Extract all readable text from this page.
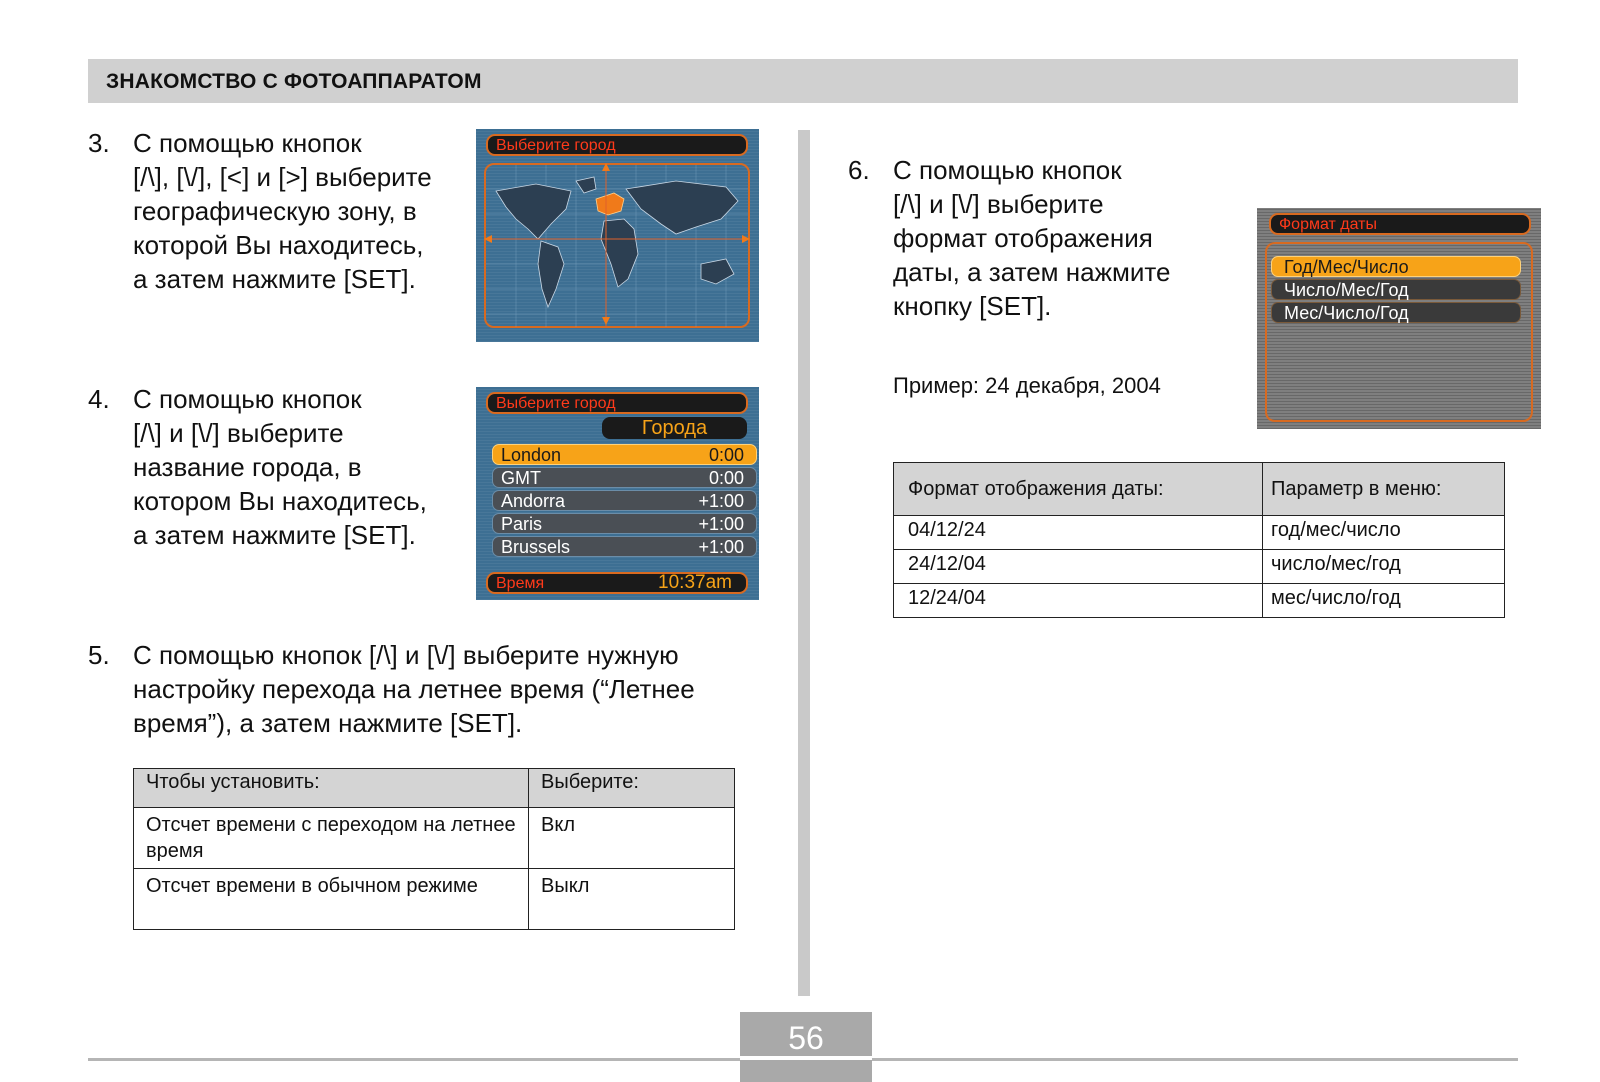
ЗНАКОМСТВО С ФОТОАППАРАТОМ
3. С помощью кнопок
[/\], [\/], [<] и [>] выберите
географическую зону, в
которой Вы находитесь,
а затем нажмите [SET].
Выберите город
4. С помощью кнопок
[/\] и [\/] выберите
название города, в
котором Вы находитесь,
а затем нажмите [SET].
Выберите город
Города
London	0:00
GMT	0:00
Andorra	+1:00
Paris	+1:00
Brussels	+1:00
Время	10:37am
5. С помощью кнопок [/\] и [\/] выберите нужную
настройку перехода на летнее время (“Летнее
время”), а затем нажмите [SET].
Чтобы установить:	Выберите:
Отсчет времени с переходом на летнее время	Вкл
Отсчет времени в обычном режиме	Выкл
6. С помощью кнопок
[/\] и [\/] выберите
формат отображения
даты, а затем нажмите
кнопку [SET].
Формат даты
Год/Мес/Число
Число/Мес/Год
Мес/Число/Год
Пример: 24 декабря, 2004
Формат отображения даты:	Параметр в меню:
04/12/24	год/мес/число
24/12/04	число/мес/год
12/24/04	мес/число/год
56
